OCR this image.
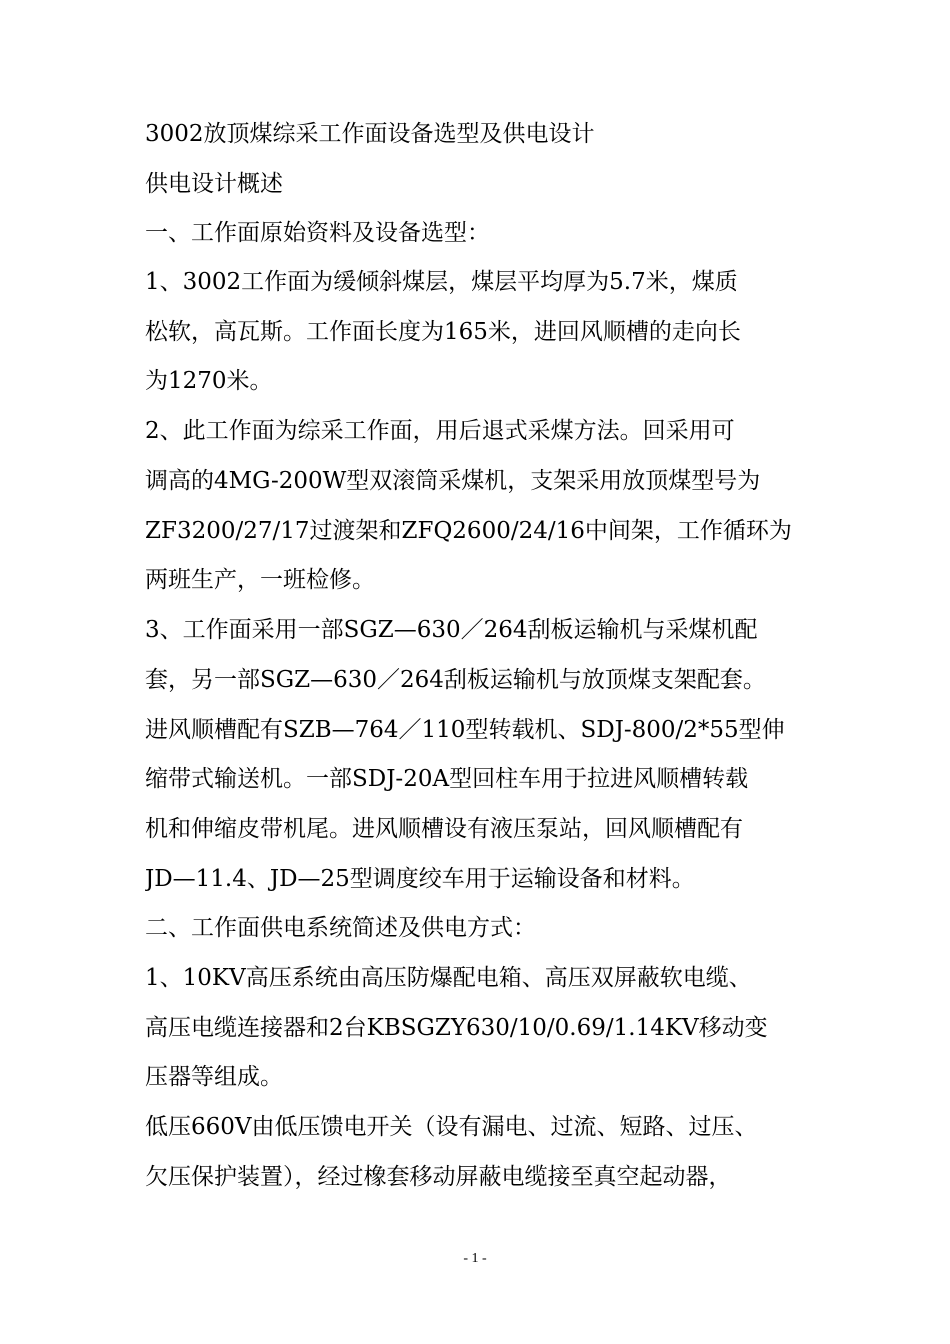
3002放顶煤综采工作面设备选型及供电设计
供电设计概述
一、工作面原始资料及设备选型：
1、3002工作面为缓倾斜煤层，煤层平均厚为5.7米，煤质
松软，高瓦斯。工作面长度为165米，进回风顺槽的走向长
为1270米。
2、此工作面为综采工作面，用后退式采煤方法。回采用可
调高的4MG-200W型双滚筒采煤机，支架采用放顶煤型号为
ZF3200/27/17过渡架和ZFQ2600/24/16中间架，工作循环为
两班生产，一班检修。
3、工作面采用一部SGZ—630／264刮板运输机与采煤机配
套，另一部SGZ—630／264刮板运输机与放顶煤支架配套。
进风顺槽配有SZB—764／110型转载机、SDJ-800/2*55型伸
缩带式输送机。一部SDJ-20A型回柱车用于拉进风顺槽转载
机和伸缩皮带机尾。进风顺槽设有液压泵站，回风顺槽配有
JD—11.4、JD—25型调度绞车用于运输设备和材料。
二、工作面供电系统简述及供电方式：
1、10KV高压系统由高压防爆配电箱、高压双屏蔽软电缆、
高压电缆连接器和2台KBSGZY630/10/0.69/1.14KV移动变
压器等组成。
低压660V由低压馈电开关（设有漏电、过流、短路、过压、
欠压保护装置），经过橡套移动屏蔽电缆接至真空起动器，
- 1 -
